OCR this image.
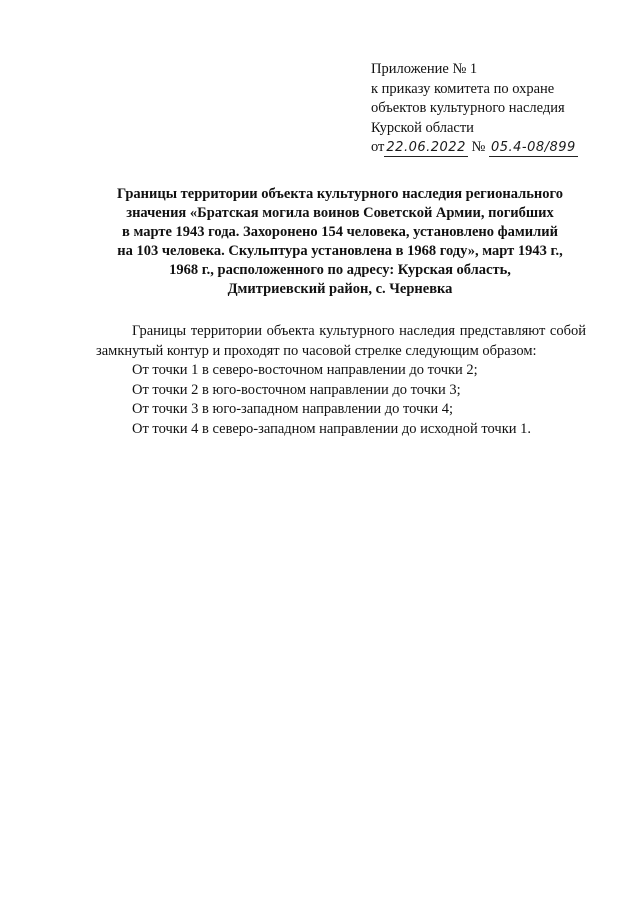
Приложение № 1
к приказу комитета по охране
объектов культурного наследия
Курской области
от 22.06.2022 № 05.4-08/899
Границы территории объекта культурного наследия регионального
значения «Братская могила воинов Советской Армии, погибших
в марте 1943 года. Захоронено 154 человека, установлено фамилий
на 103 человека. Скульптура установлена в 1968 году», март 1943 г.,
1968 г., расположенного по адресу: Курская область,
Дмитриевский район, с. Черневка

Границы территории объекта культурного наследия представляют собой замкнутый контур и проходят по часовой стрелке следующим образом:

От точки 1 в северо-восточном направлении до точки 2;

От точки 2 в юго-восточном направлении до точки 3;

От точки 3 в юго-западном направлении до точки 4;

От точки 4 в северо-западном направлении до исходной точки 1.
